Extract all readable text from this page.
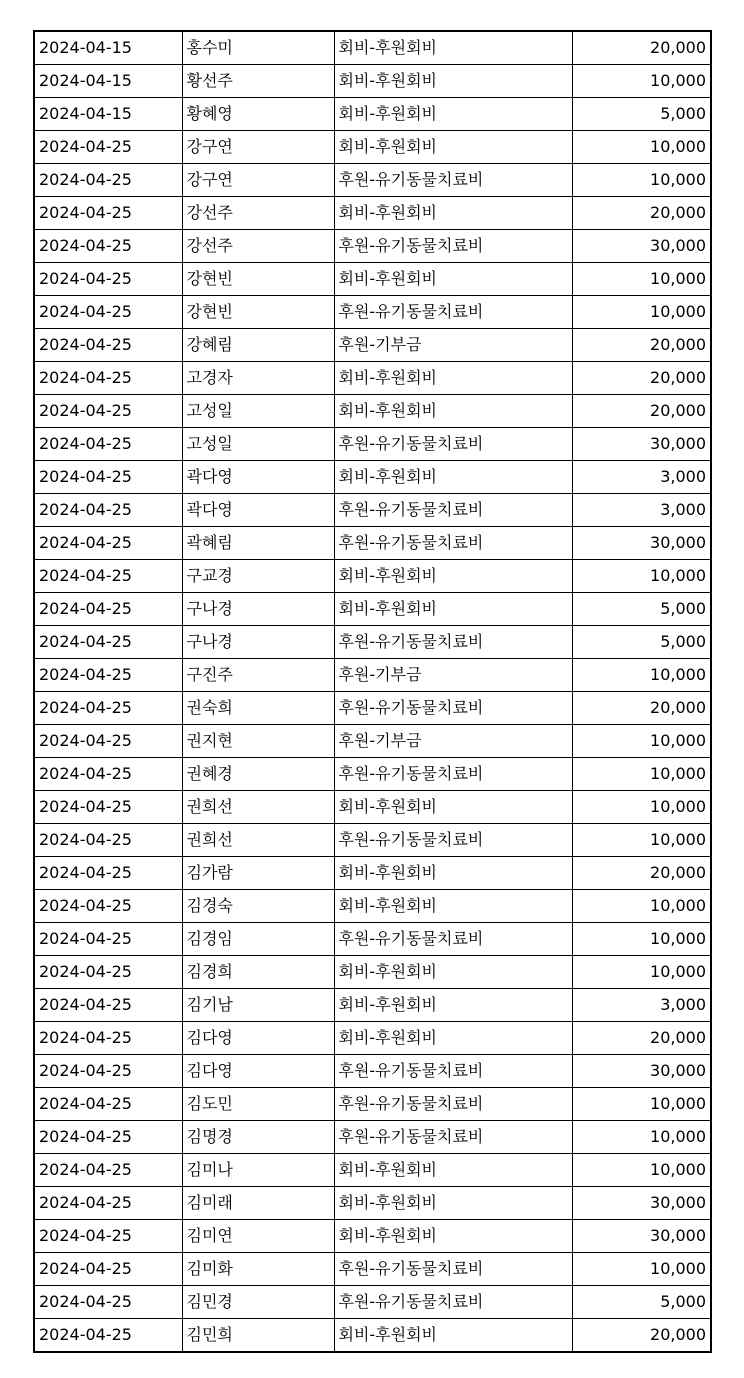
2024-04-15	홍수미	회비-후원회비	20,000
2024-04-15	황선주	회비-후원회비	10,000
2024-04-15	황혜영	회비-후원회비	5,000
2024-04-25	강구연	회비-후원회비	10,000
2024-04-25	강구연	후원-유기동물치료비	10,000
2024-04-25	강선주	회비-후원회비	20,000
2024-04-25	강선주	후원-유기동물치료비	30,000
2024-04-25	강현빈	회비-후원회비	10,000
2024-04-25	강현빈	후원-유기동물치료비	10,000
2024-04-25	강혜림	후원-기부금	20,000
2024-04-25	고경자	회비-후원회비	20,000
2024-04-25	고성일	회비-후원회비	20,000
2024-04-25	고성일	후원-유기동물치료비	30,000
2024-04-25	곽다영	회비-후원회비	3,000
2024-04-25	곽다영	후원-유기동물치료비	3,000
2024-04-25	곽혜림	후원-유기동물치료비	30,000
2024-04-25	구교경	회비-후원회비	10,000
2024-04-25	구나경	회비-후원회비	5,000
2024-04-25	구나경	후원-유기동물치료비	5,000
2024-04-25	구진주	후원-기부금	10,000
2024-04-25	권숙희	후원-유기동물치료비	20,000
2024-04-25	권지현	후원-기부금	10,000
2024-04-25	권혜경	후원-유기동물치료비	10,000
2024-04-25	권희선	회비-후원회비	10,000
2024-04-25	권희선	후원-유기동물치료비	10,000
2024-04-25	김가람	회비-후원회비	20,000
2024-04-25	김경숙	회비-후원회비	10,000
2024-04-25	김경임	후원-유기동물치료비	10,000
2024-04-25	김경희	회비-후원회비	10,000
2024-04-25	김기남	회비-후원회비	3,000
2024-04-25	김다영	회비-후원회비	20,000
2024-04-25	김다영	후원-유기동물치료비	30,000
2024-04-25	김도민	후원-유기동물치료비	10,000
2024-04-25	김명경	후원-유기동물치료비	10,000
2024-04-25	김미나	회비-후원회비	10,000
2024-04-25	김미래	회비-후원회비	30,000
2024-04-25	김미연	회비-후원회비	30,000
2024-04-25	김미화	후원-유기동물치료비	10,000
2024-04-25	김민경	후원-유기동물치료비	5,000
2024-04-25	김민희	회비-후원회비	20,000
